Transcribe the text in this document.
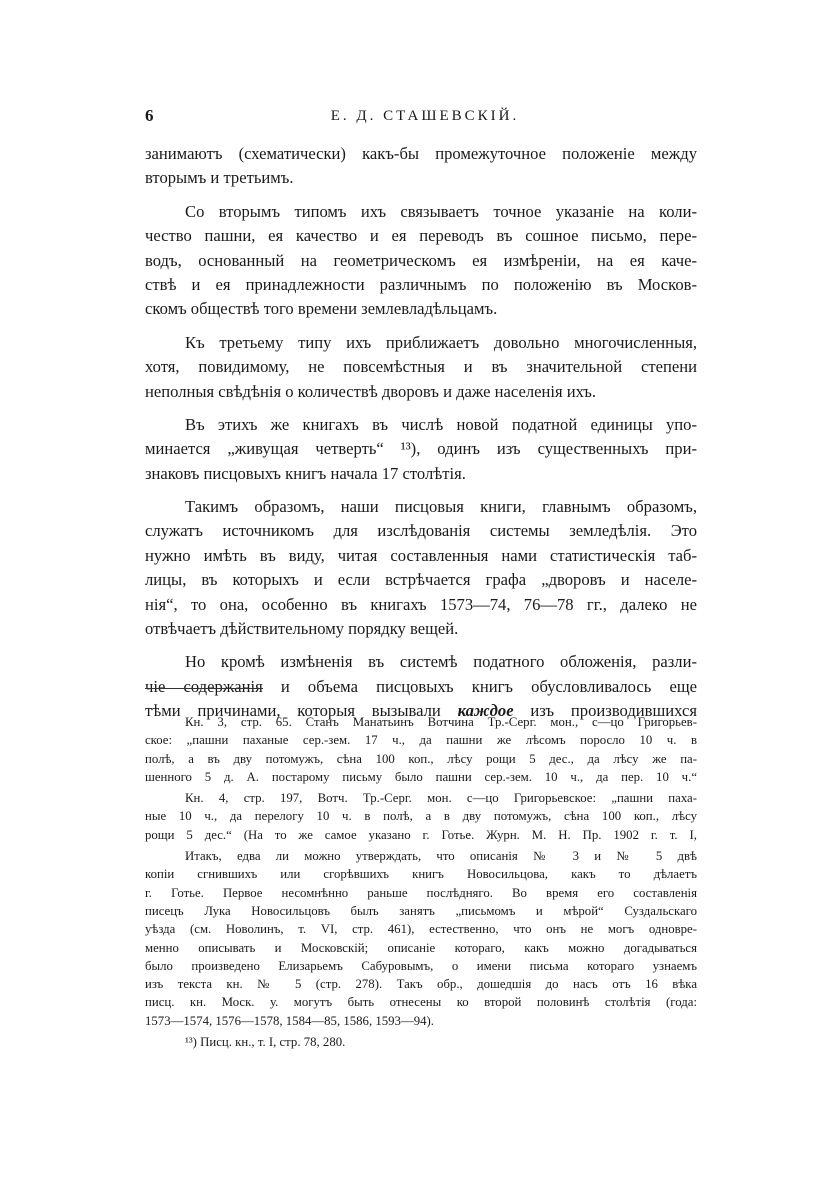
6	Е. Д. СТАШЕВСКІЙ.
занимаютъ (схематически) какъ-бы промежуточное положеніе между
вторымъ и третьимъ.
Со вторымъ типомъ ихъ связываетъ точное указаніе на коли-
чество пашни, ея качество и ея переводъ въ сошное письмо, пере-
водъ, основанный на геометрическомъ ея измѣреніи, на ея каче-
ствѣ и ея принадлежности различнымъ по положенію въ Москов-
скомъ обществѣ того времени землевладѣльцамъ.
Къ третьему типу ихъ приближаетъ довольно многочисленныя,
хотя, повидимому, не повсемѣстныя и въ значительной степени
неполныя свѣдѣнія о количествѣ дворовъ и даже населенія ихъ.
Въ этихъ же книгахъ въ числѣ новой податной единицы упо-
минается „живущая четверть“ ¹³), одинъ изъ существенныхъ при-
знаковъ писцовыхъ книгъ начала 17 столѣтія.
Такимъ образомъ, наши писцовыя книги, главнымъ образомъ,
служатъ источникомъ для изслѣдованія системы земледѣлія. Это
нужно имѣть въ виду, читая составленныя нами статистическія таб-
лицы, въ которыхъ и если встрѣчается графа „дворовъ и населе-
нія“, то она, особенно въ книгахъ 1573—74, 76—78 гг., далеко не
отвѣчаетъ дѣйствительному порядку вещей.
Но кромѣ измѣненія въ системѣ податного обложенія, разли-
чіе содержанія и объема писцовыхъ книгъ обусловливалось еще
тѣми причинами, которыя вызывали каждое изъ производившихся
Кн. 3, стр. 65. Станъ Манатьинъ Вотчина Тр.-Серг. мон., с—цо Григорьев-
ское: „пашни паханые сер.-зем. 17 ч., да пашни же лѣсомъ поросло 10 ч. в
полѣ, а въ дву потомужъ, сѣна 100 коп., лѣсу рощи 5 дес., да лѣсу же па-
шенного 5 д. А. постарому письму было пашни сер.-зем. 10 ч., да пер. 10 ч.“
Кн. 4, стр. 197, Вотч. Тр.-Серг. мон. с—цо Григорьевское: „пашни паха-
ные 10 ч., да перелогу 10 ч. в полѣ, а в дву потомужъ, сѣна 100 коп., лѣсу
рощи 5 дес.“ (На то же самое указано г. Готье. Журн. М. Н. Пр. 1902 г. т. I,
Итакъ, едва ли можно утверждать, что описанія № 3 и № 5 двѣ
копіи сгнившихъ или сгорѣвшихъ книгъ Новосильцова, какъ то дѣлаетъ
г. Готье. Первое несомнѣнно раньше послѣдняго. Во время его составленія
писецъ Лука Новосильцовъ былъ занятъ „письмомъ и мѣрой“ Суздальскаго
уѣзда (см. Новолинъ, т. VI, стр. 461), естественно, что онъ не могъ одновре-
менно описывать и Московскій; описаніе котораго, какъ можно догадываться
было произведено Елизарьемъ Сабуровымъ, о имени письма котораго узнаемъ
изъ текста кн. № 5 (стр. 278). Такъ обр., дошедшія до насъ отъ 16 вѣка
писц. кн. Моск. у. могутъ быть отнесены ко второй половинѣ столѣтія (года:
1573—1574, 1576—1578, 1584—85, 1586, 1593—94).
¹³) Писц. кн., т. I, стр. 78, 280.
